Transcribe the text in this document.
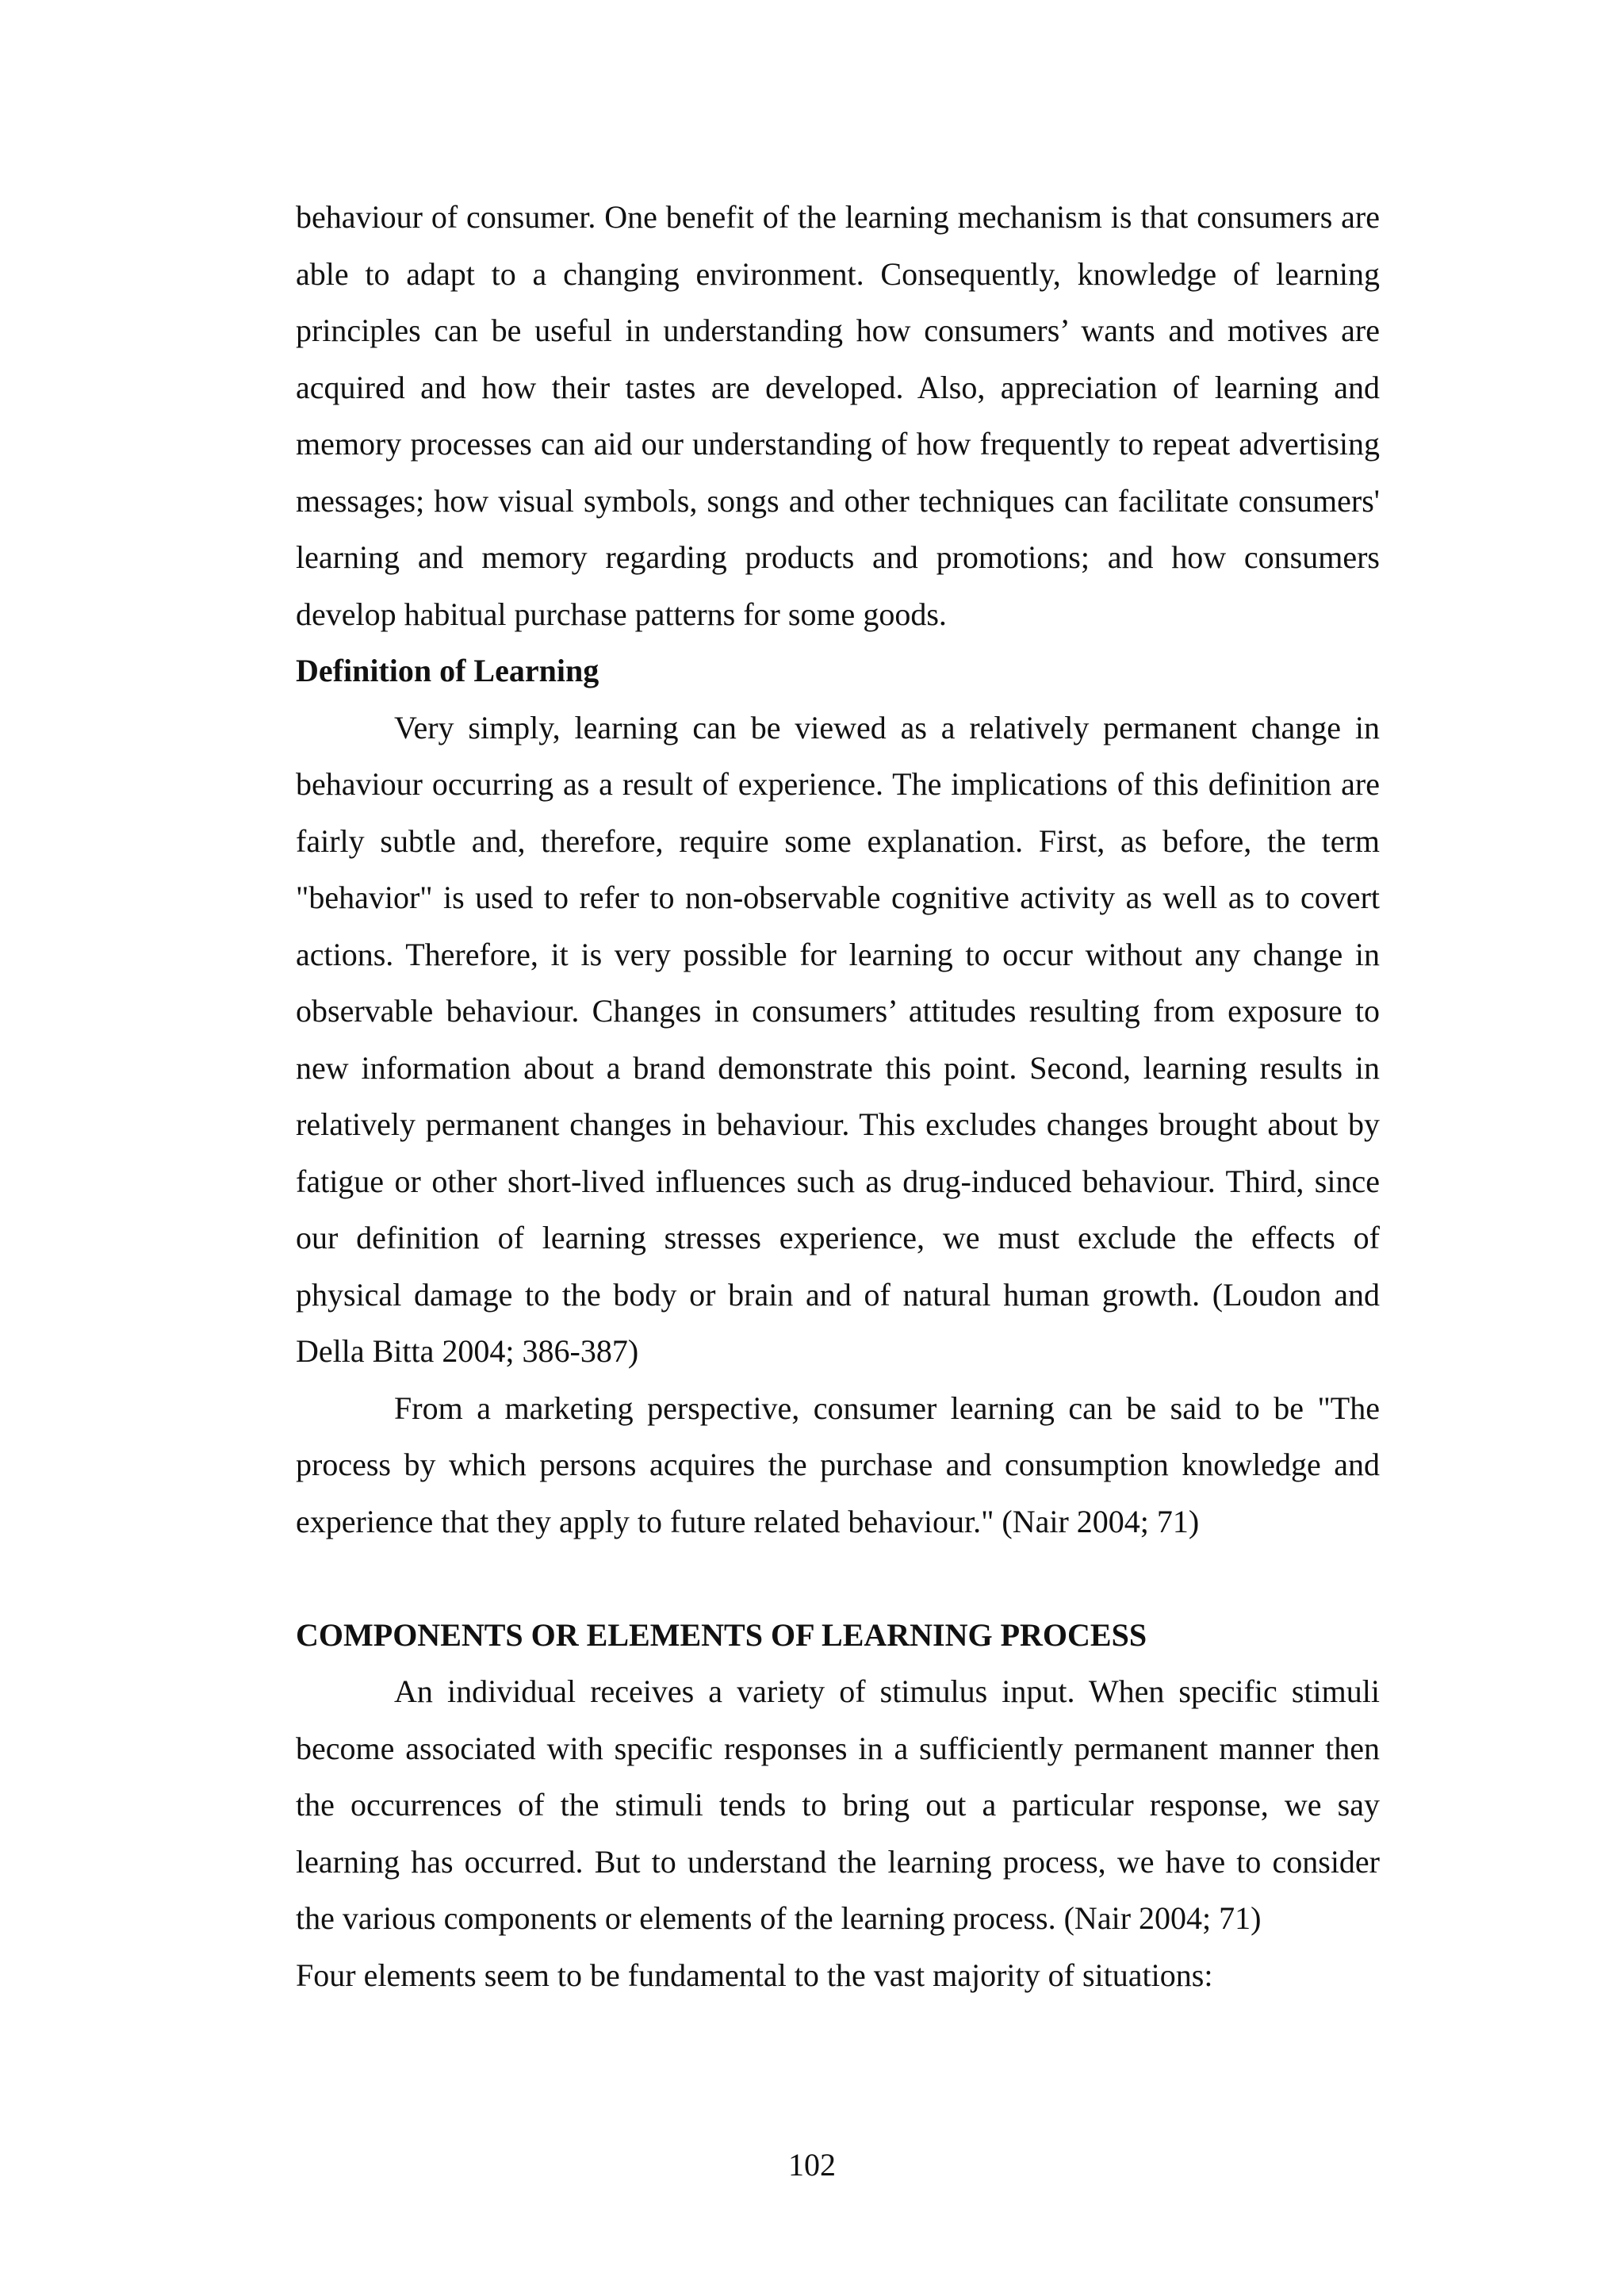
behaviour of consumer. One benefit of the learning mechanism is that consumers are able to adapt to a changing environment. Consequently, knowledge of learning principles can be useful in understanding how consumers’ wants and motives are acquired and how their tastes are developed. Also, appreciation of learning and memory processes can aid our understanding of how frequently to repeat advertising messages; how visual symbols, songs and other techniques can facilitate consumers' learning and memory regarding products and promotions; and how consumers develop habitual purchase patterns for some goods.

Definition of Learning

Very simply, learning can be viewed as a relatively permanent change in behaviour occurring as a result of experience. The implications of this definition are fairly subtle and, therefore, require some explanation. First, as before, the term "behavior" is used to refer to non-observable cognitive activity as well as to covert actions. Therefore, it is very possible for learning to occur without any change in observable behaviour. Changes in consumers’ attitudes resulting from exposure to new information about a brand demonstrate this point. Second, learning results in relatively permanent changes in behaviour. This excludes changes brought about by fatigue or other short-lived influences such as drug-induced behaviour. Third, since our definition of learning stresses experience, we must exclude the effects of physical damage to the body or brain and of natural human growth. (Loudon and Della Bitta 2004; 386-387)

From a marketing perspective, consumer learning can be said to be "The process by which persons acquires the purchase and consumption knowledge and experience that they apply to future related behaviour." (Nair 2004; 71)

COMPONENTS OR ELEMENTS OF LEARNING PROCESS

An individual receives a variety of stimulus input. When specific stimuli become associated with specific responses in a sufficiently permanent manner then the occurrences of the stimuli tends to bring out a particular response, we say learning has occurred. But to understand the learning process, we have to consider the various components or elements of the learning process. (Nair 2004; 71)

Four elements seem to be fundamental to the vast majority of situations:

102
